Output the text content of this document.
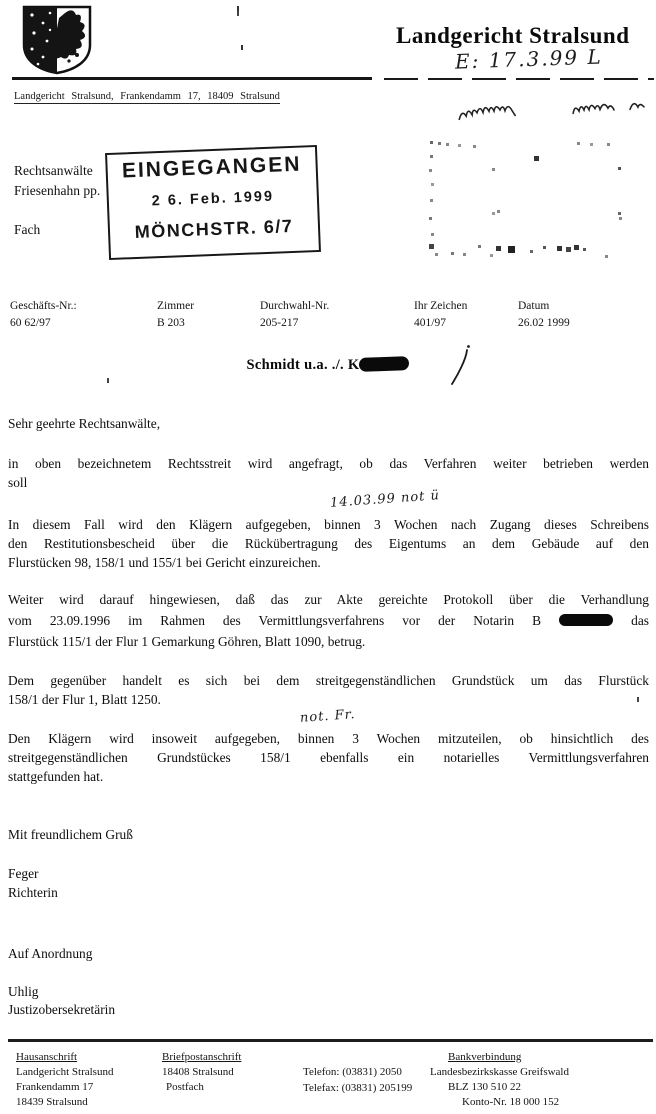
Landgericht Stralsund
E: 17.3.99 L
Landgericht Stralsund, Frankendamm 17, 18409 Stralsund
Rechtsanwälte
Friesenhahn pp.
Fach
EINGEGANGEN
2 6. Feb. 1999
MÖNCHSTR. 6/7
Geschäfts-Nr.:
60 62/97
Zimmer
B 203
Durchwahl-Nr.
205-217
Ihr Zeichen
401/97
Datum
26.02 1999
Schmidt u.a. ./. K
Sehr geehrte Rechtsanwälte,
in oben bezeichnetem Rechtsstreit wird angefragt, ob das Verfahren weiter betrieben werden
soll
14.03.99 not ü
In diesem Fall wird den Klägern aufgegeben, binnen 3 Wochen nach Zugang dieses Schreibens
den Restitutionsbescheid über die Rückübertragung des Eigentums an dem Gebäude auf den
Flurstücken 98, 158/1 und 155/1 bei Gericht einzureichen.
Weiter wird darauf hingewiesen, daß das zur Akte gereichte Protokoll über die Verhandlung
vom 23.09.1996 im Rahmen des Vermittlungsverfahrens vor der Notarin B	das
Flurstück 115/1 der Flur 1 Gemarkung Göhren, Blatt 1090, betrug.
Dem gegenüber handelt es sich bei dem streitgegenständlichen Grundstück um das Flurstück
158/1 der Flur 1, Blatt 1250.
not. Fr.
Den Klägern wird insoweit aufgegeben, binnen 3 Wochen mitzuteilen, ob hinsichtlich des
streitgegenständlichen Grundstückes 158/1 ebenfalls ein notarielles Vermittlungsverfahren
stattgefunden hat.
Mit freundlichem Gruß
Feger
Richterin
Auf Anordnung
Uhlig
Justizobersekretärin
Hausanschrift
Landgericht Stralsund
Frankendamm 17
18439 Stralsund
Briefpostanschrift
18408 Stralsund
Postfach
Telefon: (03831) 2050
Telefax: (03831) 205199
Bankverbindung
Landesbezirkskasse Greifswald
BLZ 130 510 22
Konto-Nr. 18 000 152
